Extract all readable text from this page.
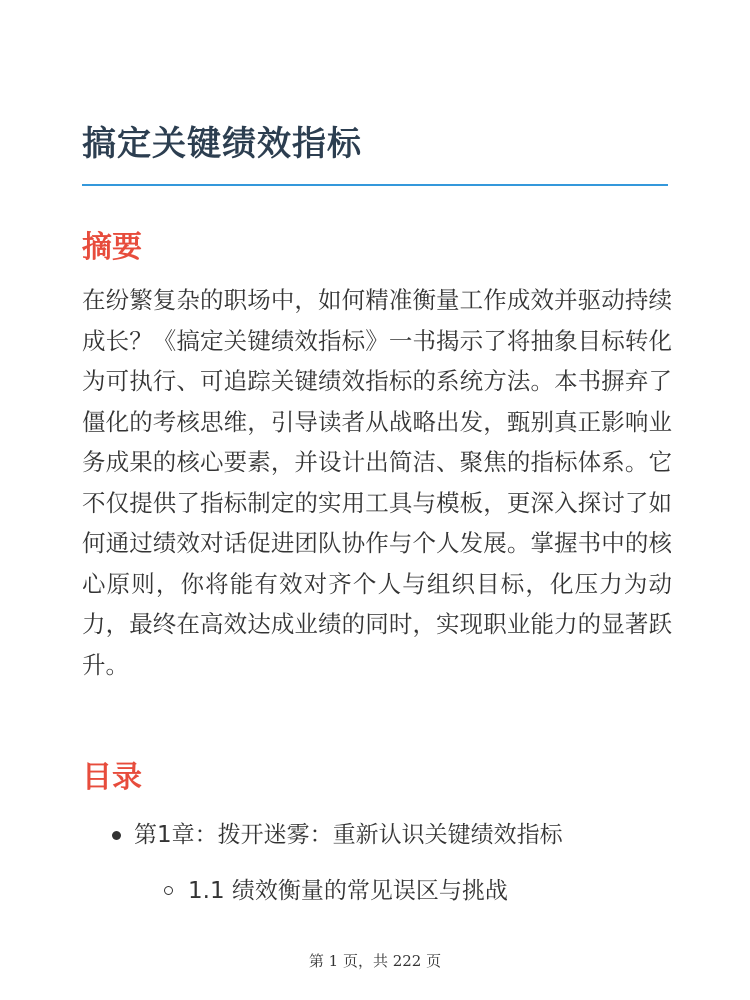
搞定关键绩效指标
摘要

在纷繁复杂的职场中，如何精准衡量工作成效并驱动持续成长？《搞定关键绩效指标》一书揭示了将抽象目标转化为可执行、可追踪关键绩效指标的系统方法。本书摒弃了僵化的考核思维，引导读者从战略出发，甄别真正影响业务成果的核心要素，并设计出简洁、聚焦的指标体系。它不仅提供了指标制定的实用工具与模板，更深入探讨了如何通过绩效对话促进团队协作与个人发展。掌握书中的核心原则，你将能有效对齐个人与组织目标，化压力为动力，最终在高效达成业绩的同时，实现职业能力的显著跃升。

目录
第1章：拨开迷雾：重新认识关键绩效指标
1.1 绩效衡量的常见误区与挑战
第 1 页，共 222 页
